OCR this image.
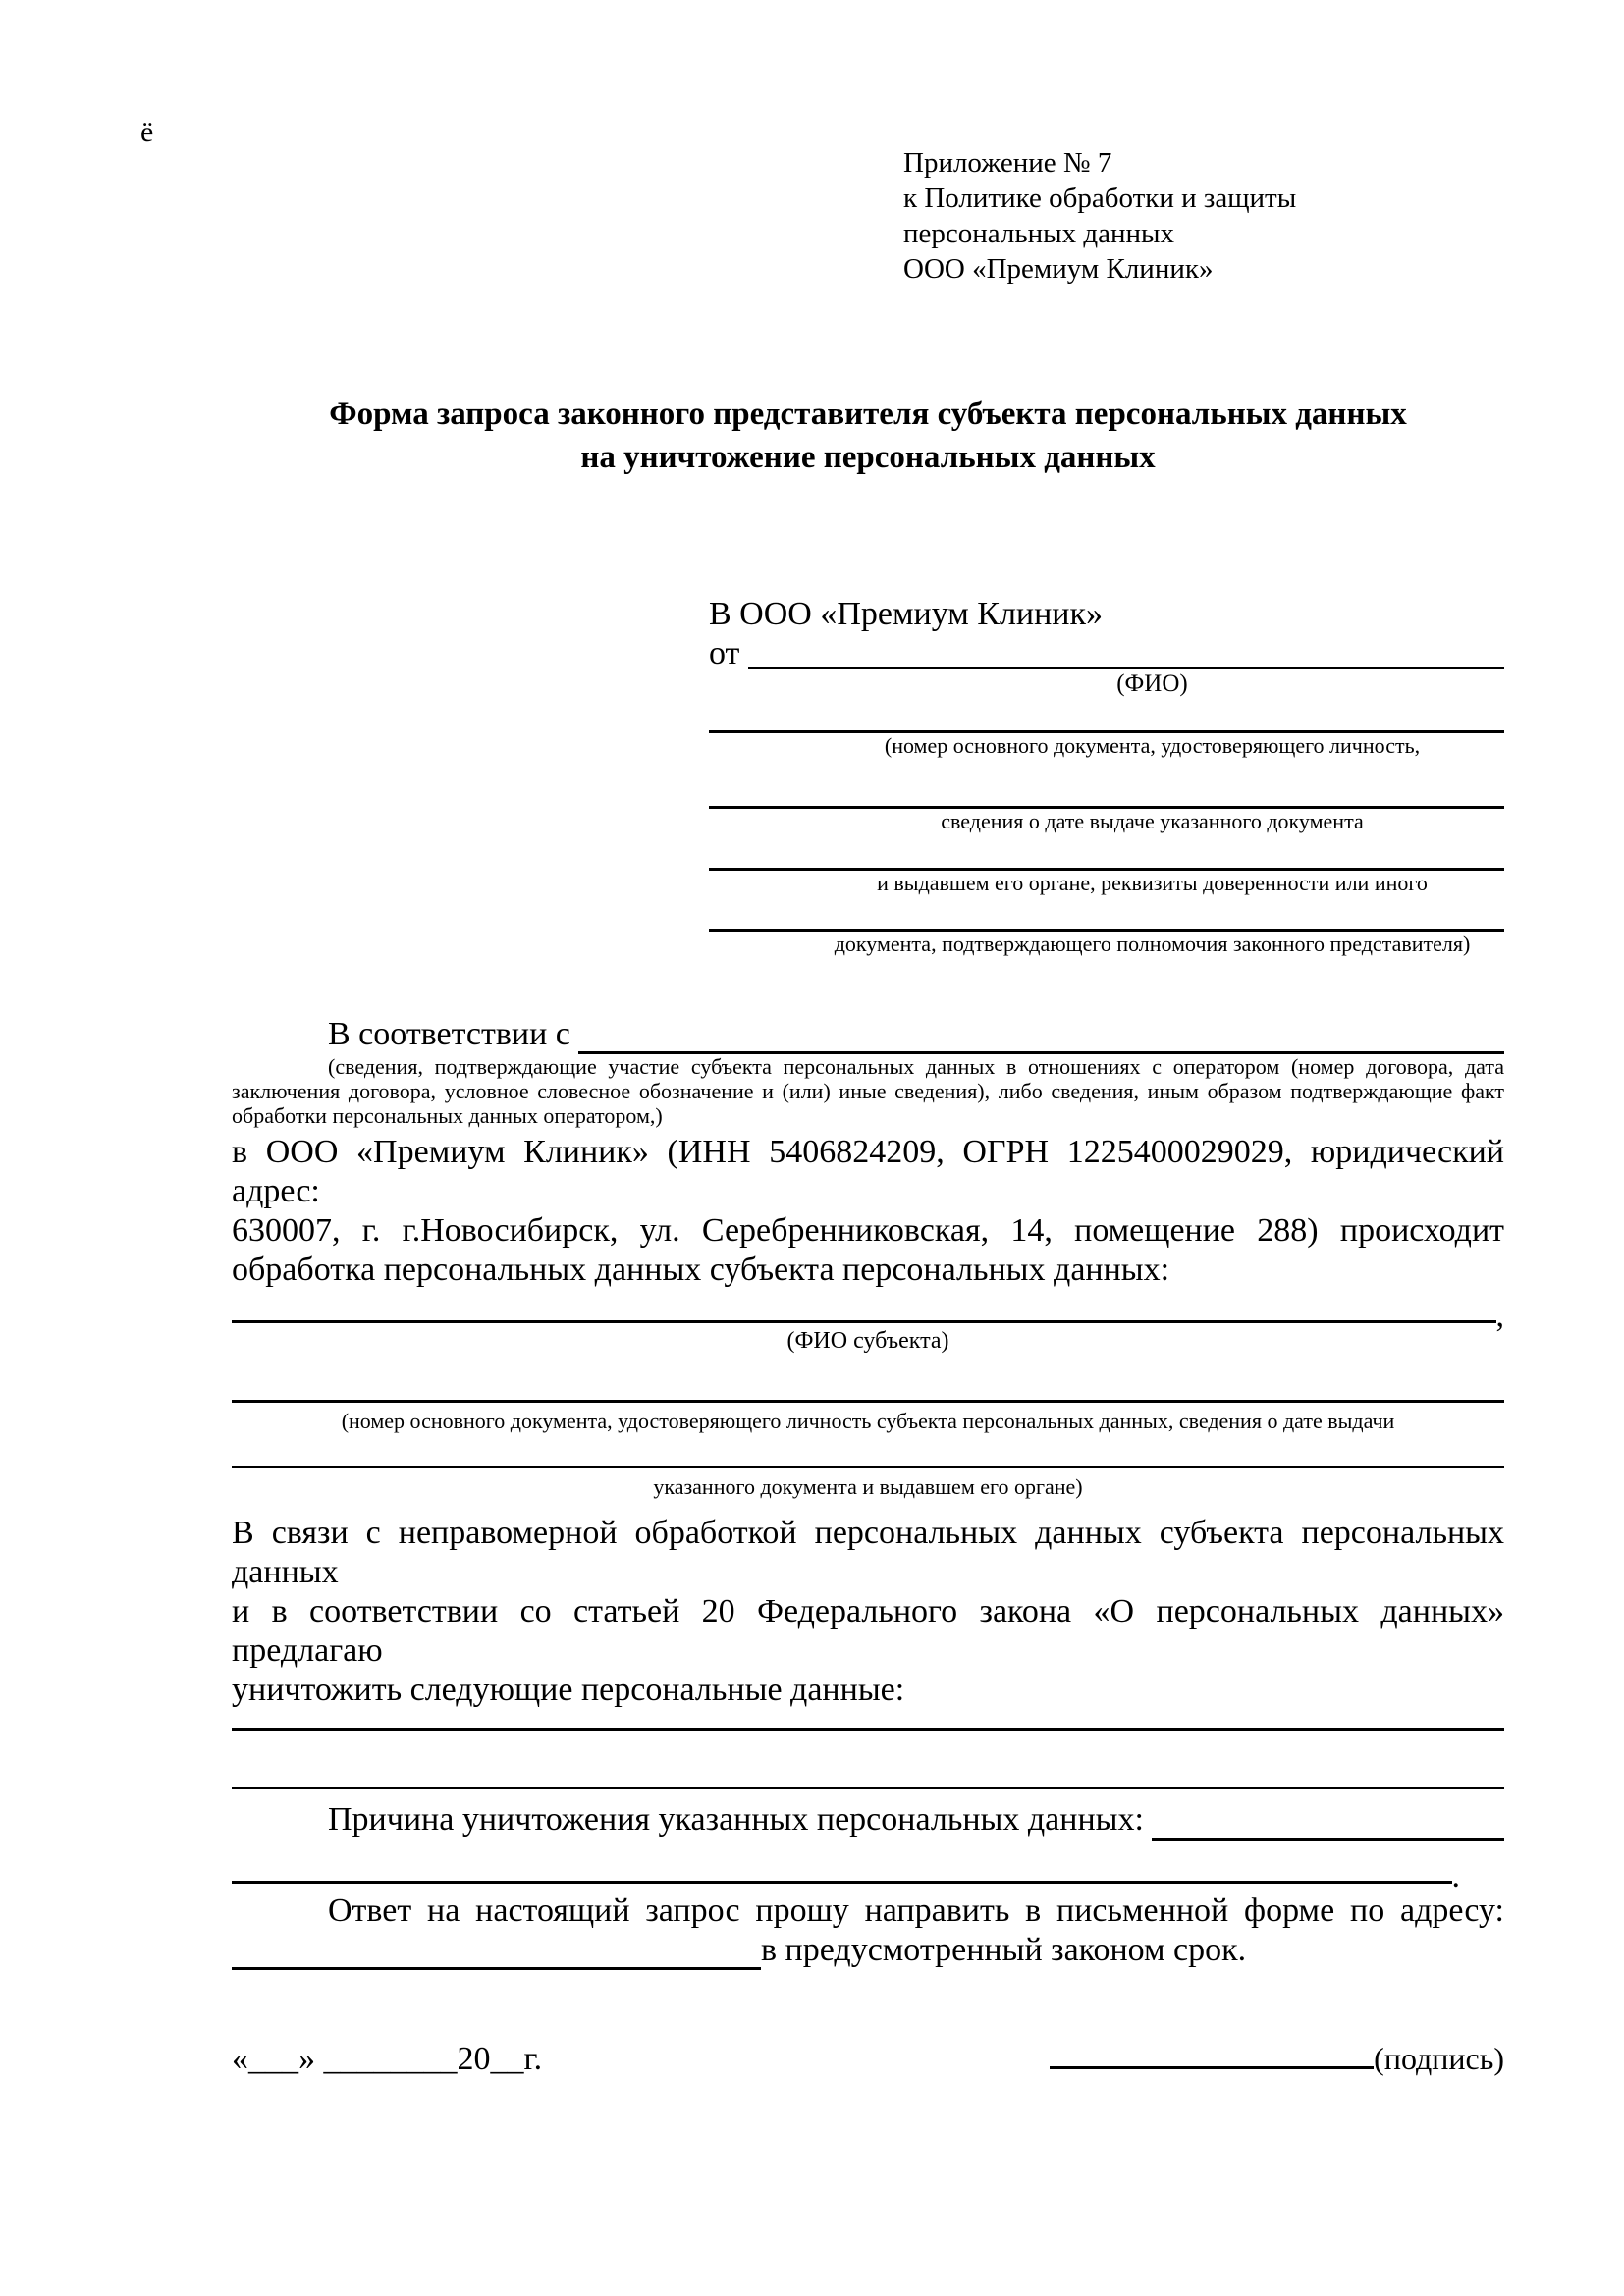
ё
Приложение № 7
к Политике обработки и защиты
персональных данных
ООО «Премиум Клиник»
Форма запроса законного представителя субъекта персональных данных
на уничтожение персональных данных
В ООО «Премиум Клиник»
от
(ФИО)
(номер основного документа, удостоверяющего личность,
сведения о дате выдаче указанного документа
и выдавшем его органе, реквизиты доверенности или иного
документа, подтверждающего полномочия законного представителя)
В соответствии с
(сведения, подтверждающие участие субъекта персональных данных в отношениях с оператором (номер договора, дата
заключения договора, условное словесное обозначение и (или) иные сведения), либо сведения, иным образом подтверждающие факт
обработки персональных данных оператором,)
в ООО «Премиум Клиник» (ИНН 5406824209, ОГРН 1225400029029, юридический адрес:
630007, г. г.Новосибирск, ул. Серебренниковская, 14, помещение 288) происходит
обработка персональных данных субъекта персональных данных:
,
(ФИО субъекта)
(номер основного документа, удостоверяющего личность субъекта персональных данных, сведения о дате выдачи
указанного документа и выдавшем его органе)
В связи с неправомерной обработкой персональных данных субъекта персональных данных
и в соответствии со статьей 20 Федерального закона «О персональных данных» предлагаю
уничтожить следующие персональные данные:
Причина уничтожения указанных персональных данных:
.
Ответ на настоящий запрос прошу направить в письменной форме по адресу:
в предусмотренный законом срок.
«___» ________20__г.	(подпись)
